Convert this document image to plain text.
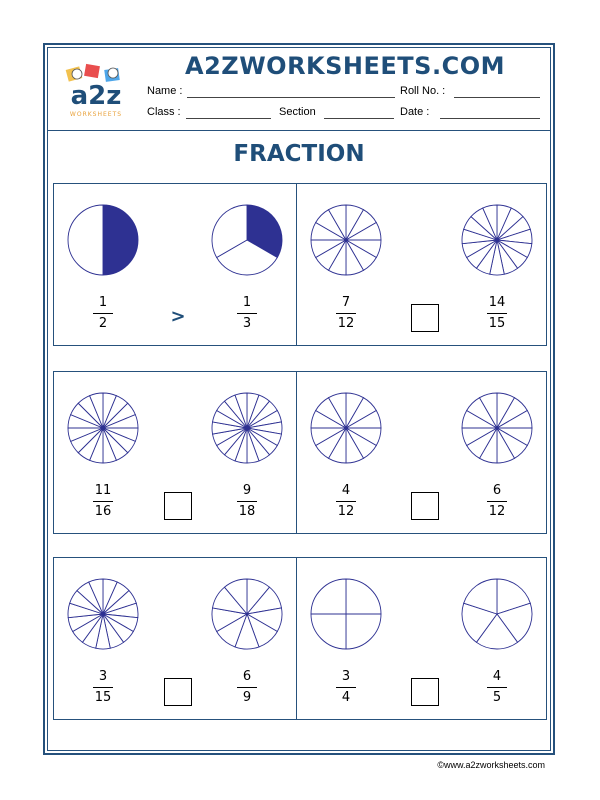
a2z
WORKSHEETS
A2ZWORKSHEETS.COM
Name :	Roll No. :
Class :	Section	Date :
FRACTION
1
2
1
3
>
7
12
14
15
11
16
9
18
4
12
6
12
3
15
6
9
3
4
4
5
©www.a2zworksheets.com
